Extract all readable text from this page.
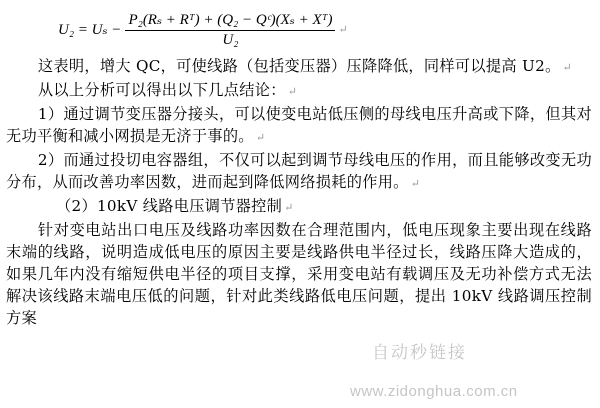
$U_2 = U_s - \frac{\text{P₂(Rₛ + Rᵀ) + (Q₂ − Qᶜ)(Xₛ + Xᵀ)}}{\text{U₂}}$ ↵

这表明，增大 QC，可使线路（包括变压器）压降降低，同样可以提高 U2。 ↵

从以上分析可以得出以下几点结论： ↵

1）通过调节变压器分接头，可以使变电站低压侧的母线电压升高或下降，但其对无功平衡和减小网损是无济于事的。 ↵

2）而通过投切电容器组，不仅可以起到调节母线电压的作用，而且能够改变无功分布，从而改善功率因数，进而起到降低网络损耗的作用。 ↵

（2）10kV 线路电压调节器控制 ↵

针对变电站出口电压及线路功率因数在合理范围内，低电压现象主要出现在线路末端的线路，说明造成低电压的原因主要是线路供电半径过长，线路压降大造成的，如果几年内没有缩短供电半径的项目支撑，采用变电站有载调压及无功补偿方式无法解决该线路末端电压低的问题，针对此类线路低电压问题，提出 10kV 线路调压控制方案

自动秒链接
www.zidonghua.com.cn
